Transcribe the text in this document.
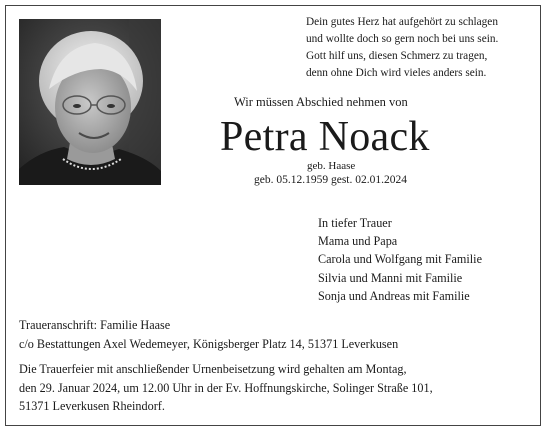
Dein gutes Herz hat aufgehört zu schlagen
und wollte doch so gern noch bei uns sein.
Gott hilf uns, diesen Schmerz zu tragen,
denn ohne Dich wird vieles anders sein.
Wir müssen Abschied nehmen von
Petra Noack
geb. Haase
geb. 05.12.1959 gest. 02.01.2024
In tiefer Trauer
Mama und Papa
Carola und Wolfgang mit Familie
Silvia und Manni mit Familie
Sonja und Andreas mit Familie
Traueranschrift: Familie Haase
c/o Bestattungen Axel Wedemeyer, Königsberger Platz 14, 51371 Leverkusen
Die Trauerfeier mit anschließender Urnenbeisetzung wird gehalten am Montag,
den 29. Januar 2024, um 12.00 Uhr in der Ev. Hoffnungskirche, Solinger Straße 101,
51371 Leverkusen Rheindorf.
